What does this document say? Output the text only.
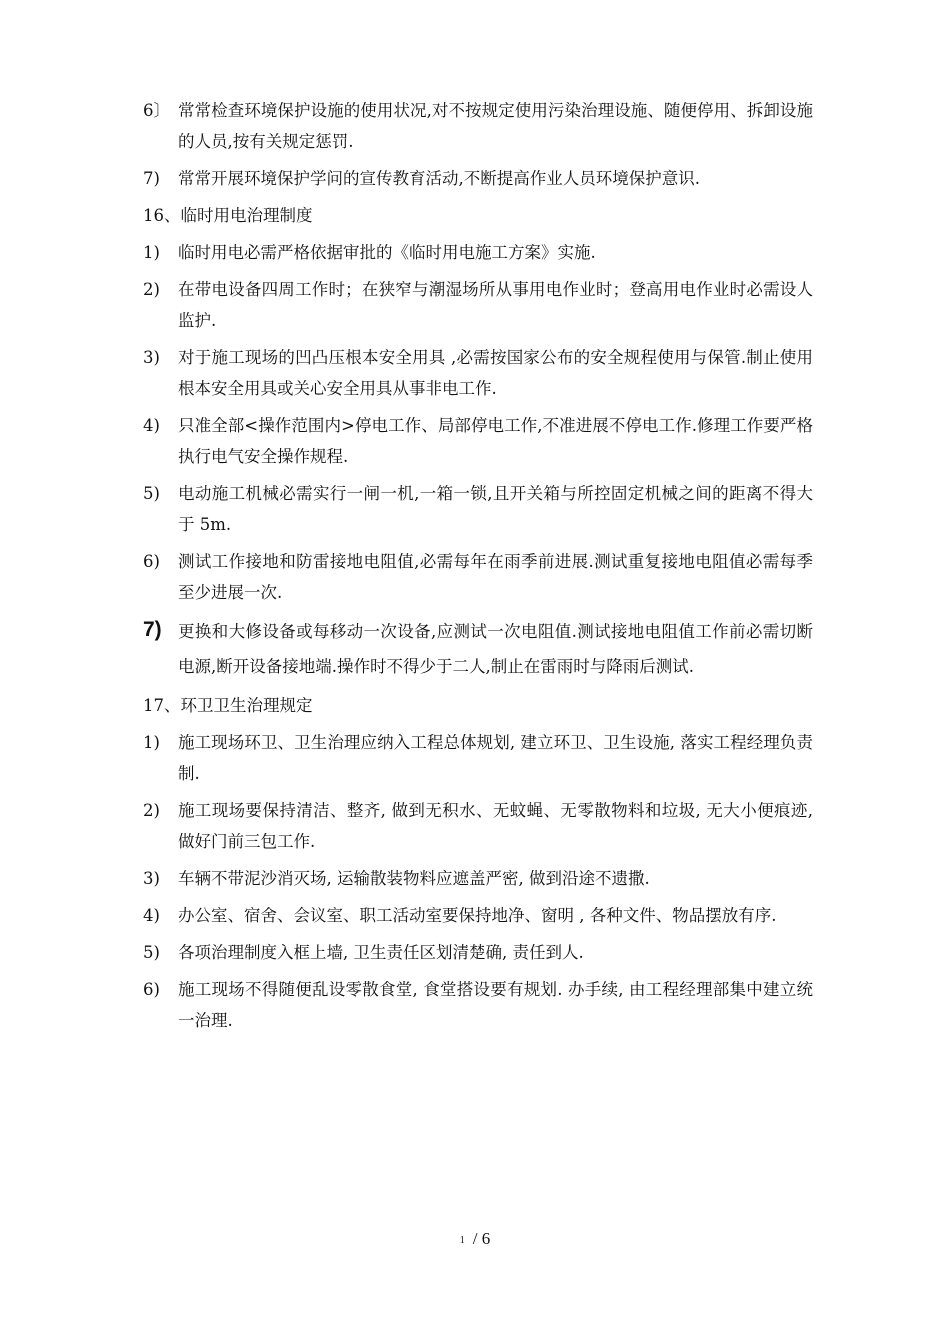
6〕 常常检查环境保护设施的使用状况,对不按规定使用污染治理设施、随便停用、拆卸设施的人员,按有关规定惩罚.
7)	常常开展环境保护学问的宣传教育活动,不断提高作业人员环境保护意识.
16、临时用电治理制度
1)	临时用电必需严格依据审批的《临时用电施工方案》实施.
2)	在带电设备四周工作时；在狭窄与潮湿场所从事用电作业时；登高用电作业时必需设人监护.
3)	对于施工现场的凹凸压根本安全用具 ,必需按国家公布的安全规程使用与保管.制止使用根本安全用具或关心安全用具从事非电工作.
4)	只准全部<操作范围内>停电工作、局部停电工作,不准进展不停电工作.修理工作要严格执行电气安全操作规程.
5)	电动施工机械必需实行一闸一机,一箱一锁,且开关箱与所控固定机械之间的距离不得大于 5m.
6)	测试工作接地和防雷接地电阻值,必需每年在雨季前进展.测试重复接地电阻值必需每季至少进展一次.
7) 更换和大修设备或每移动一次设备,应测试一次电阻值.测试接地电阻值工作前必需切断电源,断开设备接地端.操作时不得少于二人,制止在雷雨时与降雨后测试.
17、环卫卫生治理规定
1)	施工现场环卫、卫生治理应纳入工程总体规划, 建立环卫、卫生设施, 落实工程经理负责制.
2)	施工现场要保持清洁、整齐, 做到无积水、无蚊蝇、无零散物料和垃圾, 无大小便痕迹, 做好门前三包工作.
3)	车辆不带泥沙消灭场, 运输散装物料应遮盖严密, 做到沿途不遗撒.
4)	办公室、宿舍、会议室、职工活动室要保持地净、窗明 , 各种文件、物品摆放有序.
5)	各项治理制度入框上墙, 卫生责任区划清楚确, 责任到人.
6)	施工现场不得随便乱设零散食堂, 食堂搭设要有规划. 办手续, 由工程经理部集中建立统一治理.
1 / 6
